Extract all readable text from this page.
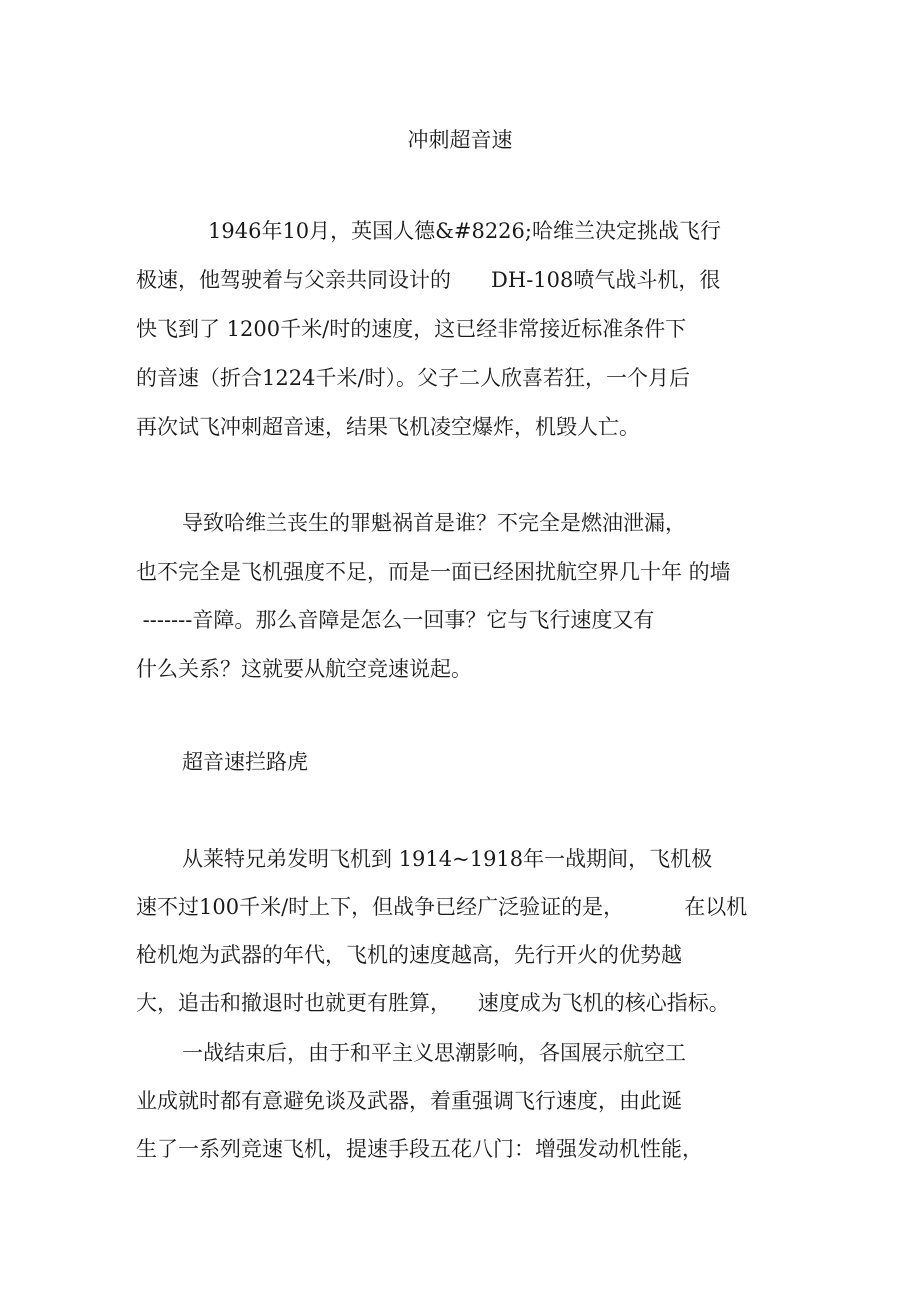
冲刺超音速
1946年10月，英国人德&#8226;哈维兰决定挑战飞行
极速，他驾驶着与父亲共同设计的      DH-108喷气战斗机，很
快飞到了 1200千米/时的速度，这已经非常接近标准条件下
的音速（折合1224千米/时）。父子二人欣喜若狂，一个月后
再次试飞冲刺超音速，结果飞机凌空爆炸，机毁人亡。
导致哈维兰丧生的罪魁祸首是谁？不完全是燃油泄漏，
也不完全是飞机强度不足，而是一面已经困扰航空界几十年 的墙
-------音障。那么音障是怎么一回事？它与飞行速度又有
什么关系？这就要从航空竞速说起。
超音速拦路虎
从莱特兄弟发明飞机到 1914~1918年一战期间，飞机极
速不过100千米/时上下，但战争已经广泛验证的是，         在以机
枪机炮为武器的年代，飞机的速度越高，先行开火的优势越
大，追击和撤退时也就更有胜算，    速度成为飞机的核心指标。
一战结束后，由于和平主义思潮影响，各国展示航空工
业成就时都有意避免谈及武器，着重强调飞行速度，由此诞
生了一系列竞速飞机，提速手段五花八门：增强发动机性能，
